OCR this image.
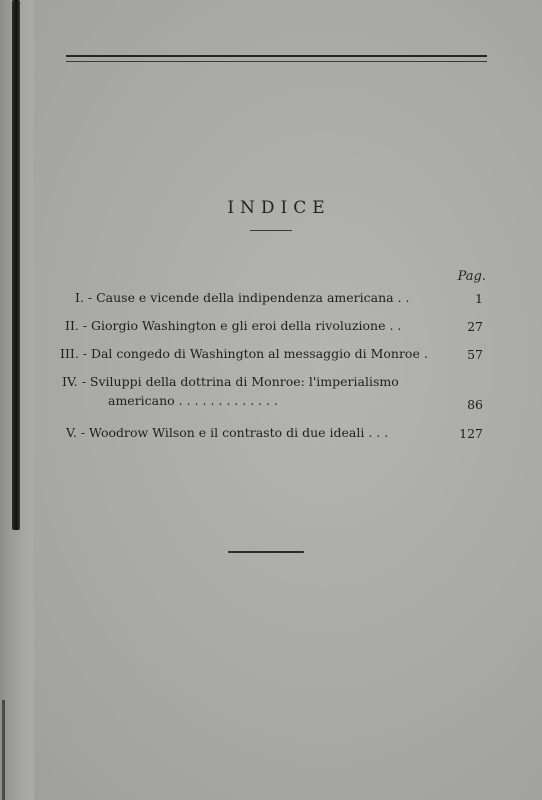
INDICE
Pag.
I. - Cause e vicende della indipendenza americana . .	1
II. - Giorgio Washington e gli eroi della rivoluzione . .	27
III. - Dal congedo di Washington al messaggio di Monroe .	57
IV. - Sviluppi della dottrina di Monroe: l'imperialismo
americano . . . . . . . . . . . . .	86
V. - Woodrow Wilson e il contrasto di due ideali . . .	127
